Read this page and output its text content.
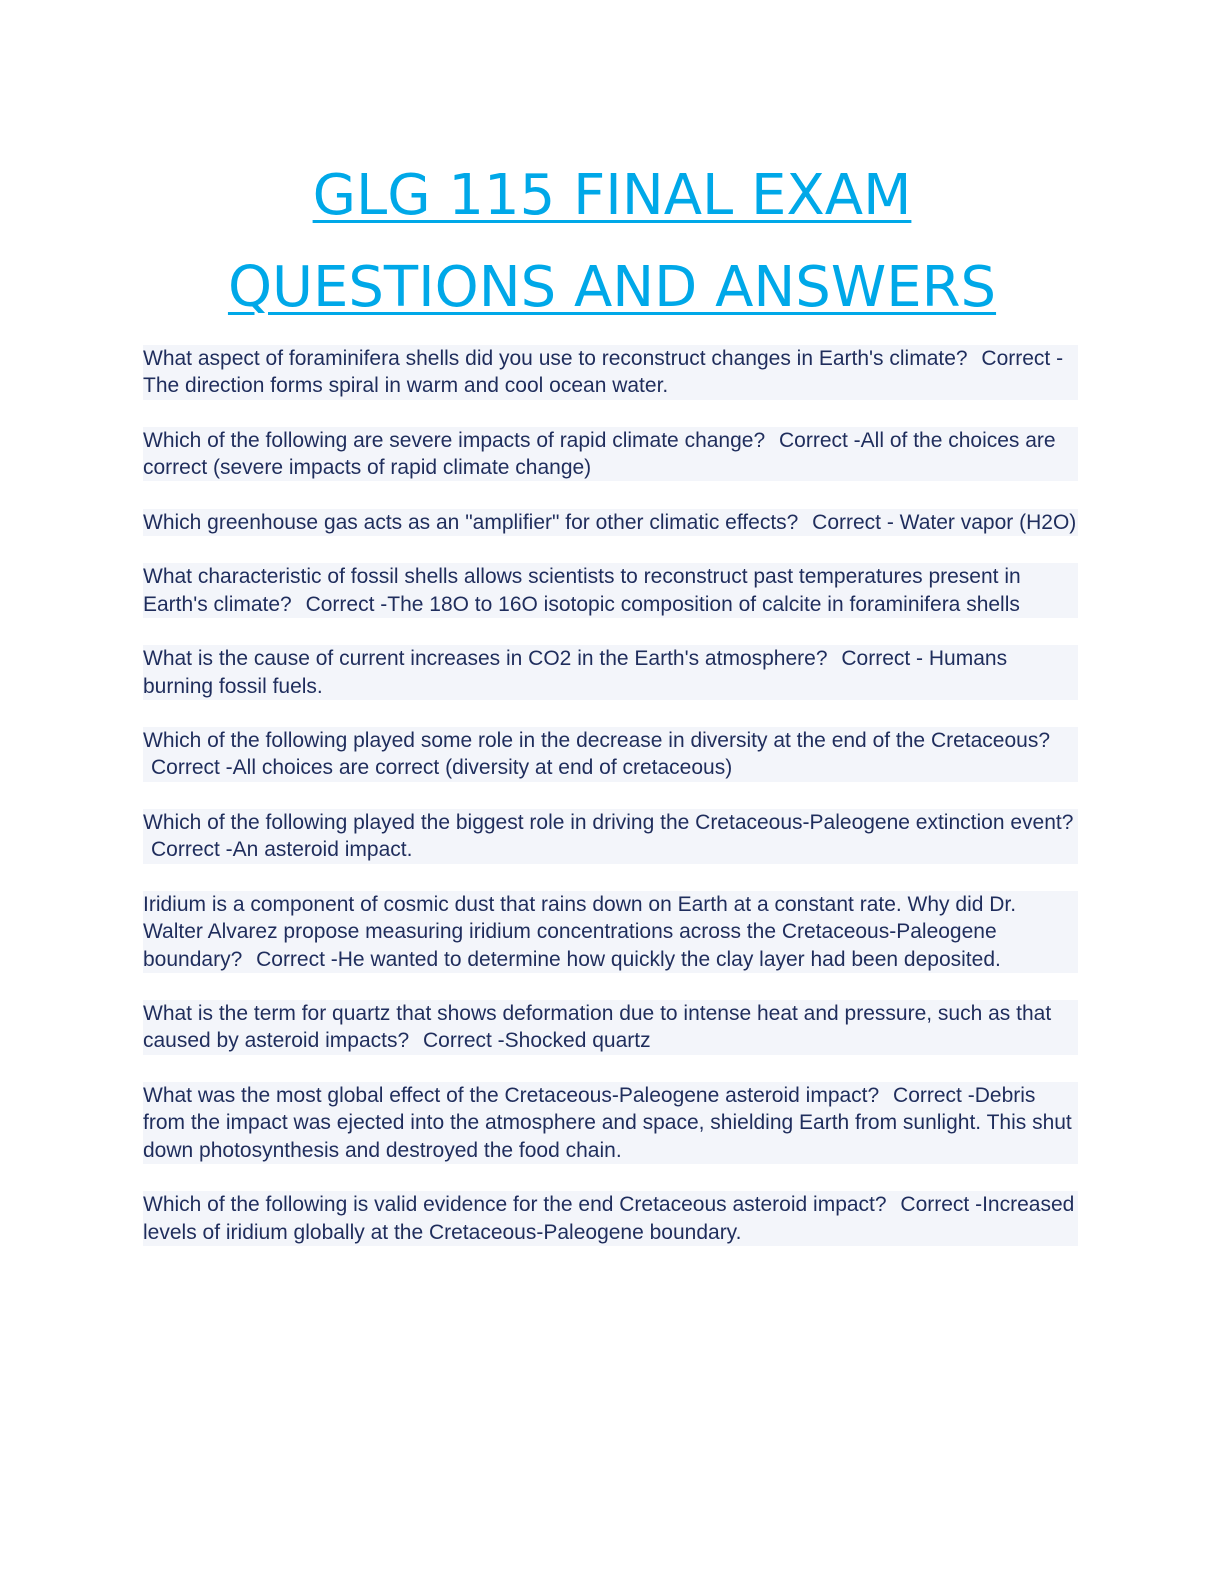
GLG 115 FINAL EXAM
QUESTIONS AND ANSWERS

What aspect of foraminifera shells did you use to reconstruct changes in Earth's climate? Correct -The direction forms spiral in warm and cool ocean water.

Which of the following are severe impacts of rapid climate change? Correct -All of the choices are correct (severe impacts of rapid climate change)

Which greenhouse gas acts as an "amplifier" for other climatic effects? Correct - Water vapor (H2O)

What characteristic of fossil shells allows scientists to reconstruct past temperatures present in Earth's climate? Correct -The 18O to 16O isotopic composition of calcite in foraminifera shells

What is the cause of current increases in CO2 in the Earth's atmosphere? Correct - Humans burning fossil fuels.

Which of the following played some role in the decrease in diversity at the end of the Cretaceous? Correct -All choices are correct (diversity at end of cretaceous)

Which of the following played the biggest role in driving the Cretaceous-Paleogene extinction event? Correct -An asteroid impact.

Iridium is a component of cosmic dust that rains down on Earth at a constant rate. Why did Dr. Walter Alvarez propose measuring iridium concentrations across the Cretaceous-Paleogene boundary? Correct -He wanted to determine how quickly the clay layer had been deposited.

What is the term for quartz that shows deformation due to intense heat and pressure, such as that caused by asteroid impacts? Correct -Shocked quartz

What was the most global effect of the Cretaceous-Paleogene asteroid impact? Correct -Debris from the impact was ejected into the atmosphere and space, shielding Earth from sunlight. This shut down photosynthesis and destroyed the food chain.

Which of the following is valid evidence for the end Cretaceous asteroid impact? Correct -Increased levels of iridium globally at the Cretaceous-Paleogene boundary.
